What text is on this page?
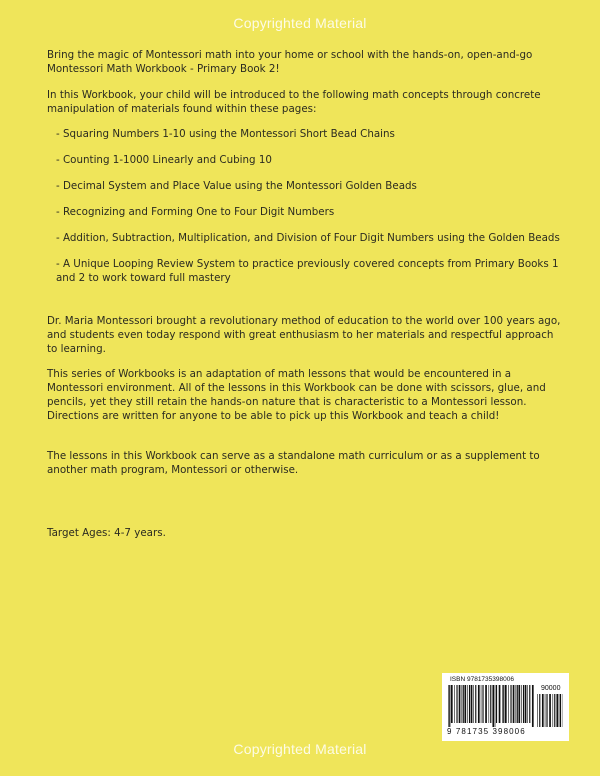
Copyrighted Material

Bring the magic of Montessori math into your home or school with the hands-on, open-and-go Montessori Math Workbook - Primary Book 2!

In this Workbook, your child will be introduced to the following math concepts through concrete manipulation of materials found within these pages:

- Squaring Numbers 1-10 using the Montessori Short Bead Chains
- Counting 1-1000 Linearly and Cubing 10
- Decimal System and Place Value using the Montessori Golden Beads
- Recognizing and Forming One to Four Digit Numbers
- Addition, Subtraction, Multiplication, and Division of Four Digit Numbers using the Golden Beads
- A Unique Looping Review System to practice previously covered concepts from Primary Books 1 and 2 to work toward full mastery

Dr. Maria Montessori brought a revolutionary method of education to the world over 100 years ago, and students even today respond with great enthusiasm to her materials and respectful approach to learning.

This series of Workbooks is an adaptation of math lessons that would be encountered in a Montessori environment. All of the lessons in this Workbook can be done with scissors, glue, and pencils, yet they still retain the hands-on nature that is characteristic to a Montessori lesson. Directions are written for anyone to be able to pick up this Workbook and teach a child!

The lessons in this Workbook can serve as a standalone math curriculum or as a supplement to another math program, Montessori or otherwise.

Target Ages: 4-7 years.

ISBN 9781735398006
90000
9 781735 398006
Copyrighted Material
